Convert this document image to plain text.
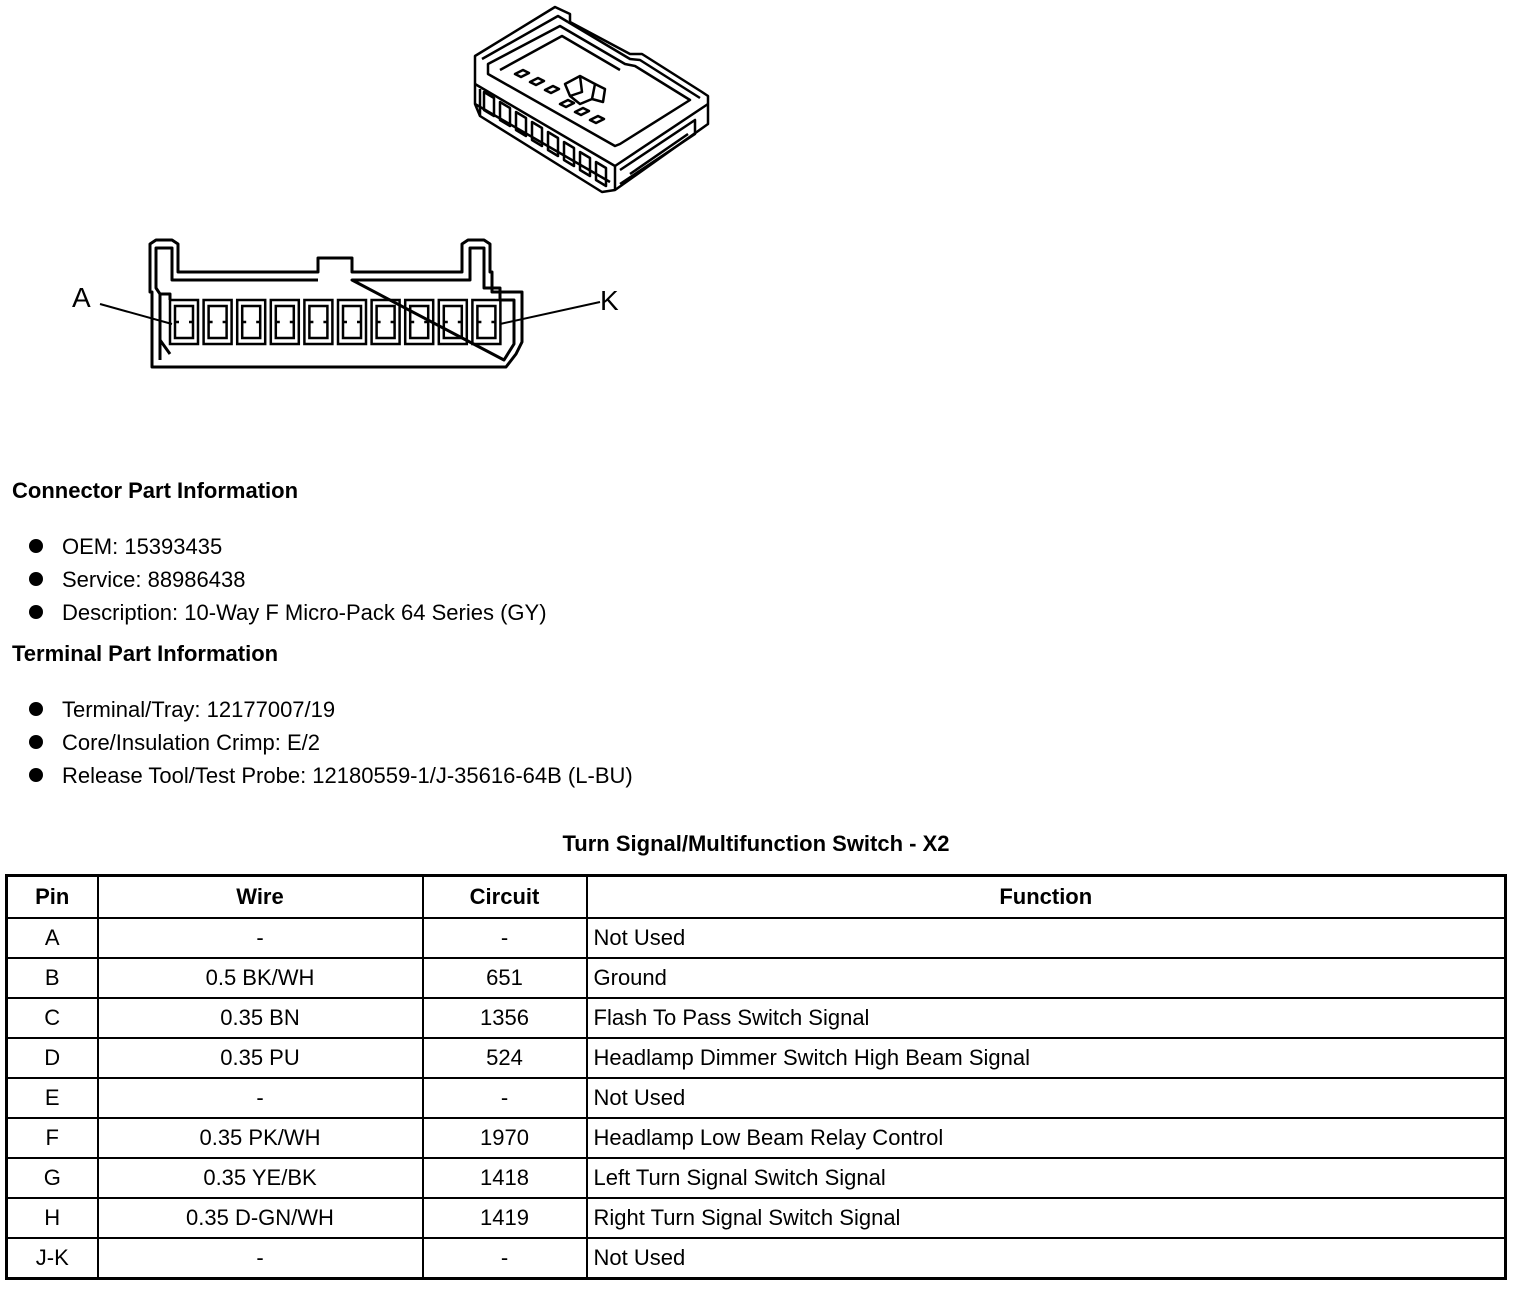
A	K
Connector Part Information
OEM: 15393435
Service: 88986438
Description: 10-Way F Micro-Pack 64 Series (GY)
Terminal Part Information
Terminal/Tray: 12177007/19
Core/Insulation Crimp: E/2
Release Tool/Test Probe: 12180559-1/J-35616-64B (L-BU)
Turn Signal/Multifunction Switch - X2
Pin	Wire	Circuit	Function
A	-	-	Not Used
B	0.5 BK/WH	651	Ground
C	0.35 BN	1356	Flash To Pass Switch Signal
D	0.35 PU	524	Headlamp Dimmer Switch High Beam Signal
E	-	-	Not Used
F	0.35 PK/WH	1970	Headlamp Low Beam Relay Control
G	0.35 YE/BK	1418	Left Turn Signal Switch Signal
H	0.35 D-GN/WH	1419	Right Turn Signal Switch Signal
J-K	-	-	Not Used
